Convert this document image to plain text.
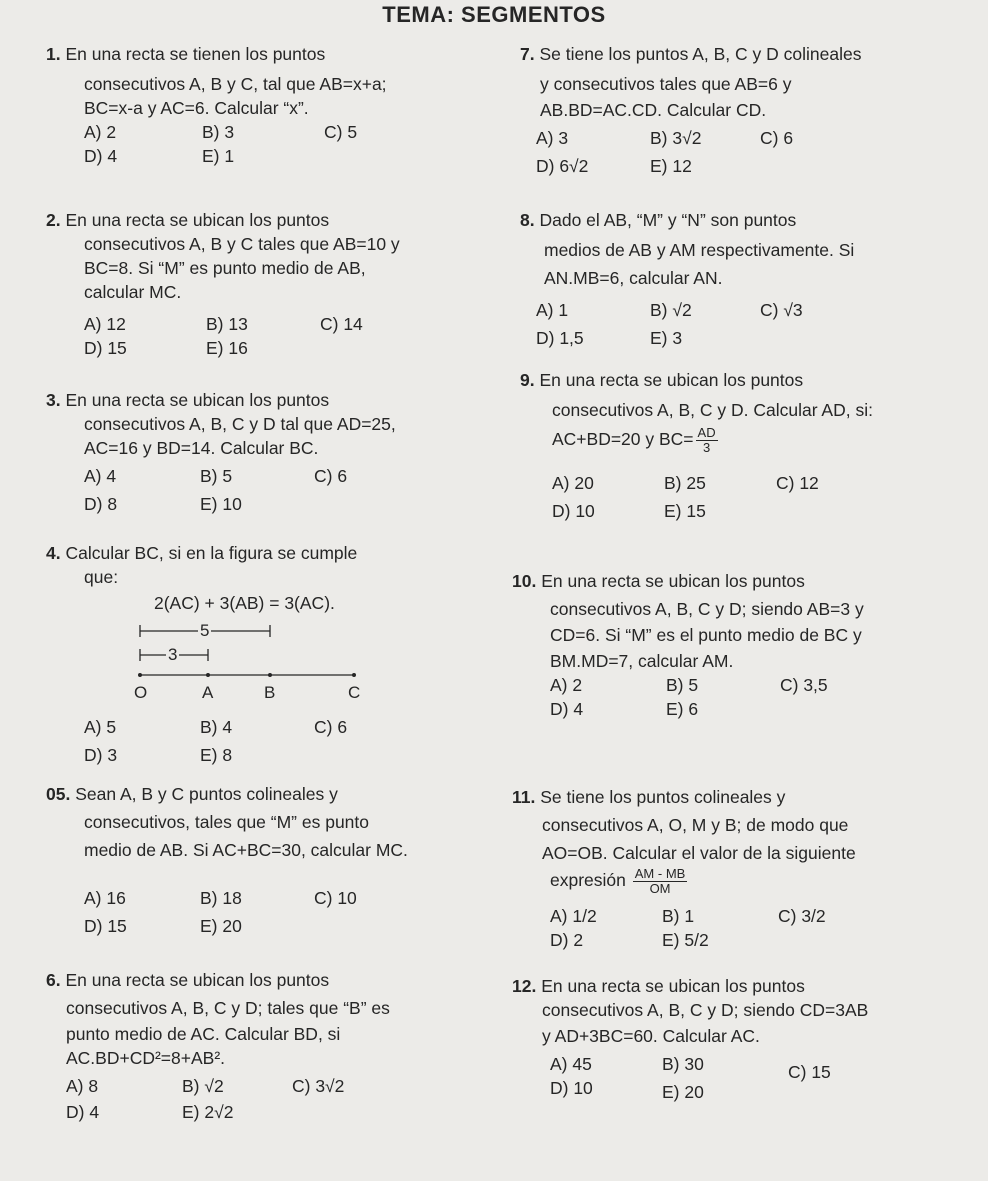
TEMA: SEGMENTOS
1. En una recta se tienen los puntos
consecutivos A, B y C, tal que AB=x+a;
BC=x-a y AC=6. Calcular “x”.
A) 2	B) 3	C) 5
D) 4	E) 1
2. En una recta se ubican los puntos
consecutivos A, B y C tales que AB=10 y
BC=8. Si “M” es punto medio de AB,
calcular MC.
A) 12	B) 13	C) 14
D) 15	E) 16
3. En una recta se ubican los puntos
consecutivos A, B, C y D tal que AD=25,
AC=16 y BD=14. Calcular BC.
A) 4	B) 5	C) 6
D) 8	E) 10
4. Calcular BC, si en la figura se cumple
que:
2(AC) + 3(AB) = 3(AC).
5
3
O	A	B	C
A) 5	B) 4	C) 6
D) 3	E) 8
05. Sean A, B y C puntos colineales y
consecutivos, tales que “M” es punto
medio de AB. Si AC+BC=30, calcular MC.
A) 16	B) 18	C) 10
D) 15	E) 20
6. En una recta se ubican los puntos
consecutivos A, B, C y D; tales que “B” es
punto medio de AC. Calcular BD, si
AC.BD+CD²=8+AB².
A) 8	B) √2	C) 3√2
D) 4	E) 2√2
7. Se tiene los puntos A, B, C y D colineales
y consecutivos tales que AB=6 y
AB.BD=AC.CD. Calcular CD.
A) 3	B) 3√2	C) 6
D) 6√2	E) 12
8. Dado el AB, “M” y “N” son puntos
medios de AB y AM respectivamente. Si
AN.MB=6, calcular AN.
A) 1	B) √2	C) √3
D) 1,5	E) 3
9. En una recta se ubican los puntos
consecutivos A, B, C y D. Calcular AD, si:
AC+BD=20 y $BC= \frac{AD}{3}$
A) 20	B) 25	C) 12
D) 10	E) 15
10. En una recta se ubican los puntos
consecutivos A, B, C y D; siendo AB=3 y
CD=6. Si “M” es el punto medio de BC y
BM.MD=7, calcular AM.
A) 2	B) 5	C) 3,5
D) 4	E) 6
11. Se tiene los puntos colineales y
consecutivos A, O, M y B; de modo que
AO=OB. Calcular el valor de la siguiente
expresión $\frac{AM - MB}{OM}$
A) 1/2	B) 1	C) 3/2
D) 2	E) 5/2
12. En una recta se ubican los puntos
consecutivos A, B, C y D; siendo CD=3AB
y AD+3BC=60. Calcular AC.
A) 45	B) 30	C) 15
D) 10	E) 20
